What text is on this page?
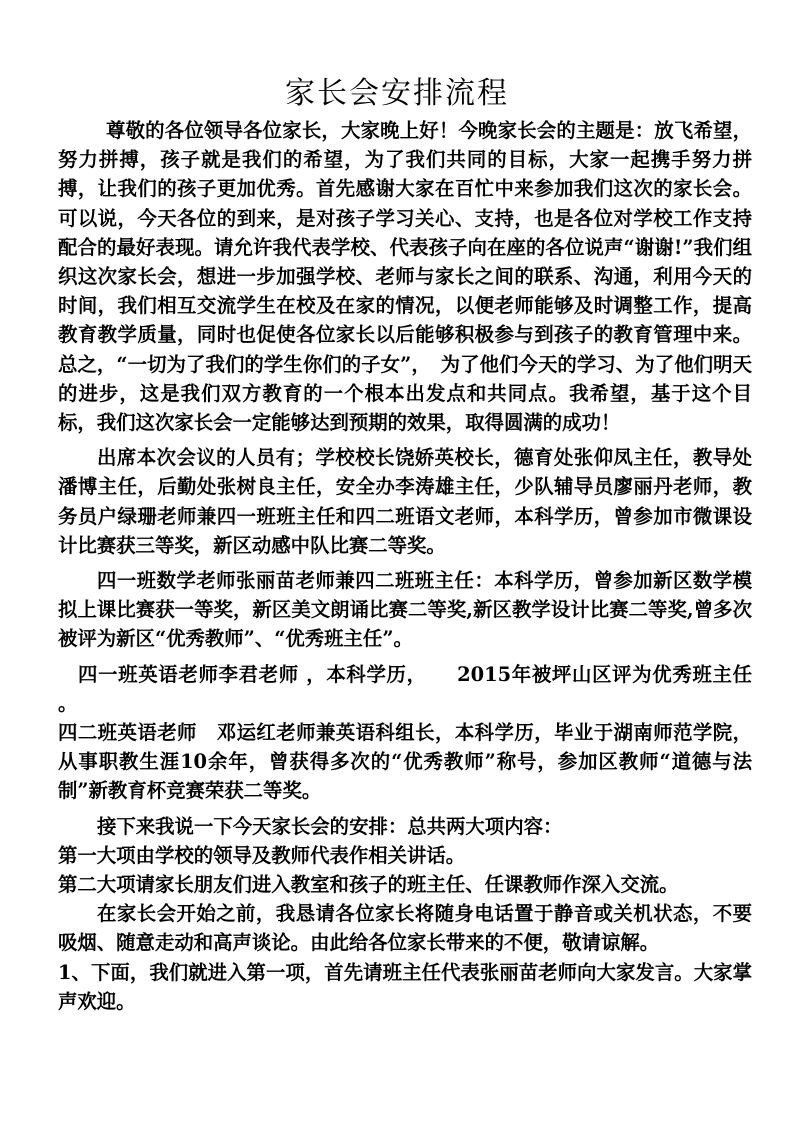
家长会安排流程

尊敬的各位领导各位家长，大家晚上好！今晚家长会的主题是：放飞希望，努力拼搏，孩子就是我们的希望，为了我们共同的目标，大家一起携手努力拼搏，让我们的孩子更加优秀。首先感谢大家在百忙中来参加我们这次的家长会。可以说，今天各位的到来，是对孩子学习关心、支持，也是各位对学校工作支持配合的最好表现。请允许我代表学校、代表孩子向在座的各位说声“谢谢!”我们组织这次家长会，想进一步加强学校、老师与家长之间的联系、沟通，利用今天的时间，我们相互交流学生在校及在家的情况，以便老师能够及时调整工作，提高教育教学质量，同时也促使各位家长以后能够积极参与到孩子的教育管理中来。总之，“一切为了我们的学生你们的子女”，　为了他们今天的学习、为了他们明天的进步，这是我们双方教育的一个根本出发点和共同点。我希望，基于这个目标，我们这次家长会一定能够达到预期的效果，取得圆满的成功！

出席本次会议的人员有；学校校长饶娇英校长，德育处张仰凤主任，教导处潘博主任，后勤处张树良主任，安全办李涛雄主任，少队辅导员廖丽丹老师，教务员户绿珊老师兼四一班班主任和四二班语文老师，本科学历，曾参加市微课设计比赛获三等奖，新区动感中队比赛二等奖。

四一班数学老师张丽苗老师兼四二班班主任：本科学历，曾参加新区数学模拟上课比赛获一等奖，新区美文朗诵比赛二等奖,新区教学设计比赛二等奖,曾多次被评为新区“优秀教师”、“优秀班主任”。

四一班英语老师李君老师 ，本科学历，　　2015年被坪山区评为优秀班主任 。

四二班英语老师　邓运红老师兼英语科组长，本科学历，毕业于湖南师范学院，从事职教生涯10余年，曾获得多次的“优秀教师”称号，参加区教师“道德与法制”新教育杯竞赛荣获二等奖。

接下来我说一下今天家长会的安排：总共两大项内容：

第一大项由学校的领导及教师代表作相关讲话。

第二大项请家长朋友们进入教室和孩子的班主任、任课教师作深入交流。

在家长会开始之前，我恳请各位家长将随身电话置于静音或关机状态，不要吸烟、随意走动和高声谈论。由此给各位家长带来的不便，敬请谅解。

1、下面，我们就进入第一项，首先请班主任代表张丽苗老师向大家发言。大家掌声欢迎。
